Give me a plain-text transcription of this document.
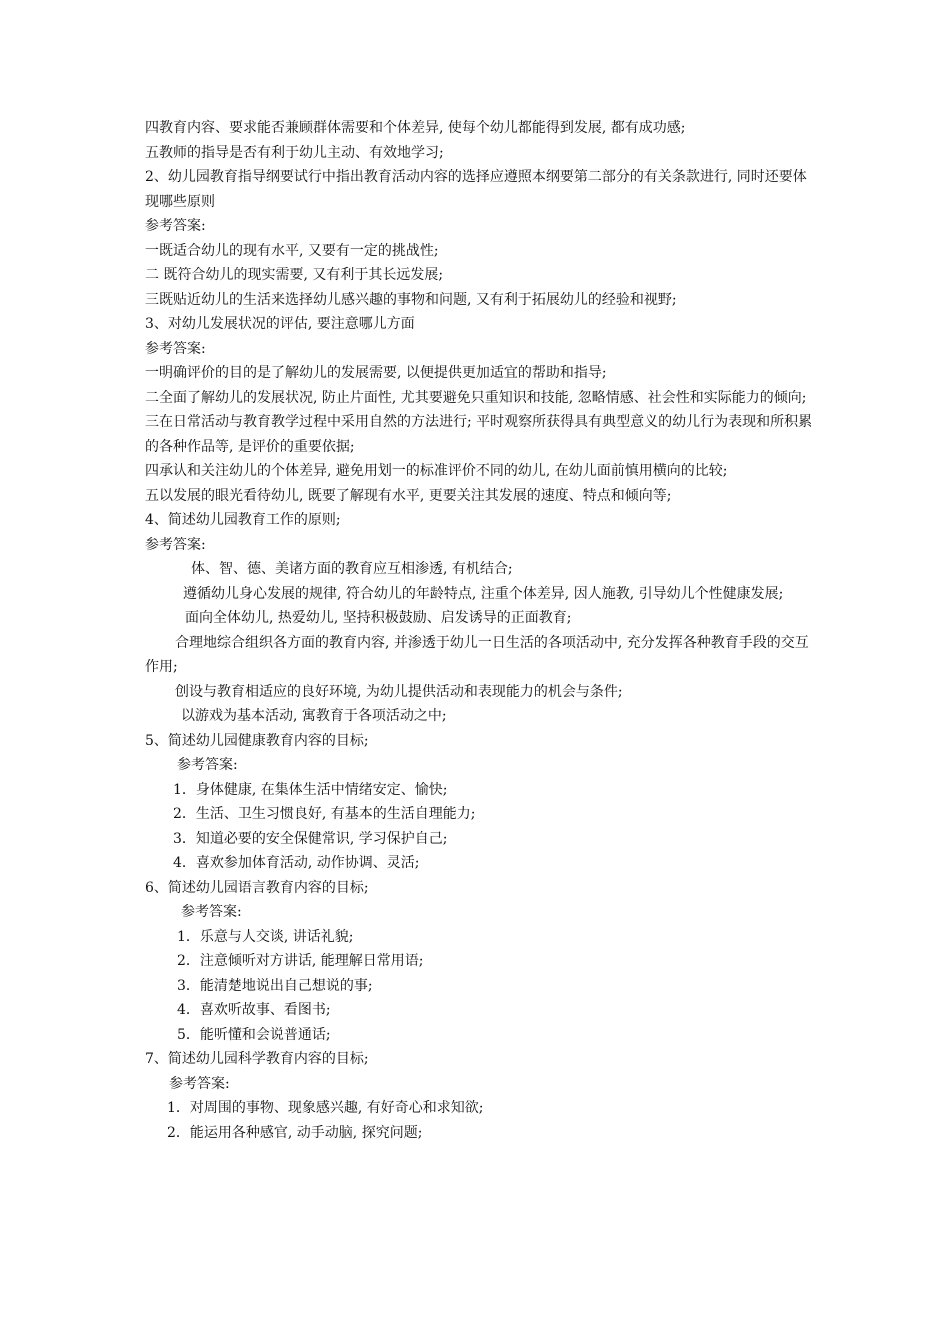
四教育内容、要求能否兼顾群体需要和个体差异, 使每个幼儿都能得到发展, 都有成功感;

五教师的指导是否有利于幼儿主动、有效地学习;

2、幼儿园教育指导纲要试行中指出教育活动内容的选择应遵照本纲要第二部分的有关条款进行, 同时还要体现哪些原则

参考答案:

一既适合幼儿的现有水平, 又要有一定的挑战性;

二 既符合幼儿的现实需要, 又有利于其长远发展;

三既贴近幼儿的生活来选择幼儿感兴趣的事物和问题, 又有利于拓展幼儿的经验和视野;

3、对幼儿发展状况的评估, 要注意哪儿方面

参考答案:

一明确评价的目的是了解幼儿的发展需要, 以便提供更加适宜的帮助和指导;

二全面了解幼儿的发展状况, 防止片面性, 尤其要避免只重知识和技能, 忽略情感、社会性和实际能力的倾向;

三在日常活动与教育教学过程中采用自然的方法进行; 平时观察所获得具有典型意义的幼儿行为表现和所积累的各种作品等, 是评价的重要依据;

四承认和关注幼儿的个体差异, 避免用划一的标准评价不同的幼儿, 在幼儿面前慎用横向的比较;

五以发展的眼光看待幼儿, 既要了解现有水平, 更要关注其发展的速度、特点和倾向等;

4、简述幼儿园教育工作的原则;

参考答案:

体、智、德、美诸方面的教育应互相渗透, 有机结合;

遵循幼儿身心发展的规律, 符合幼儿的年龄特点, 注重个体差异, 因人施教, 引导幼儿个性健康发展;

面向全体幼儿, 热爱幼儿, 坚持积极鼓励、启发诱导的正面教育;

合理地综合组织各方面的教育内容, 并渗透于幼儿一日生活的各项活动中, 充分发挥各种教育手段的交互作用;

创设与教育相适应的良好环境, 为幼儿提供活动和表现能力的机会与条件;

以游戏为基本活动, 寓教育于各项活动之中;

5、简述幼儿园健康教育内容的目标;

参考答案:

1．身体健康, 在集体生活中情绪安定、愉快;

2．生活、卫生习惯良好, 有基本的生活自理能力;

3．知道必要的安全保健常识, 学习保护自己;

4．喜欢参加体育活动, 动作协调、灵活;

6、简述幼儿园语言教育内容的目标;

参考答案:

1．乐意与人交谈, 讲话礼貌;

2．注意倾听对方讲话, 能理解日常用语;

3．能清楚地说出自己想说的事;

4．喜欢听故事、看图书;

5．能听懂和会说普通话;

7、简述幼儿园科学教育内容的目标;

参考答案:

1．对周围的事物、现象感兴趣, 有好奇心和求知欲;

2．能运用各种感官, 动手动脑, 探究问题;
